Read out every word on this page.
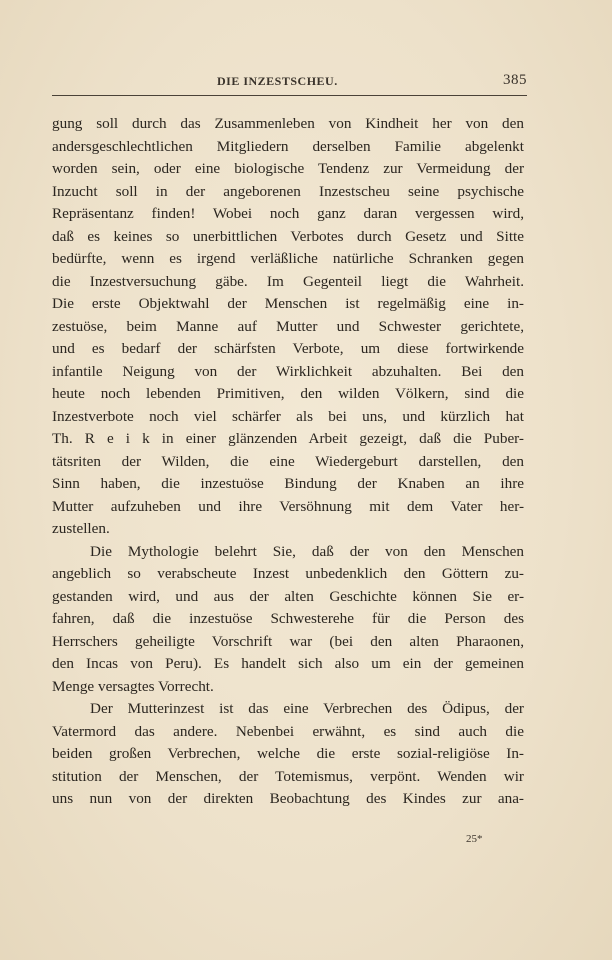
DIE INZESTSCHEU.	385
gung soll durch das Zusammenleben von Kindheit her von den
andersgeschlechtlichen Mitgliedern derselben Familie abgelenkt
worden sein, oder eine biologische Tendenz zur Vermeidung der
Inzucht soll in der angeborenen Inzestscheu seine psychische
Repräsentanz finden! Wobei noch ganz daran vergessen wird,
daß es keines so unerbittlichen Verbotes durch Gesetz und Sitte
bedürfte, wenn es irgend verläßliche natürliche Schranken gegen
die Inzestversuchung gäbe. Im Gegenteil liegt die Wahrheit.
Die erste Objektwahl der Menschen ist regelmäßig eine in-
zestuöse, beim Manne auf Mutter und Schwester gerichtete,
und es bedarf der schärfsten Verbote, um diese fortwirkende
infantile Neigung von der Wirklichkeit abzuhalten. Bei den
heute noch lebenden Primitiven, den wilden Völkern, sind die
Inzestverbote noch viel schärfer als bei uns, und kürzlich hat
Th. R e i k in einer glänzenden Arbeit gezeigt, daß die Puber-
tätsriten der Wilden, die eine Wiedergeburt darstellen, den
Sinn haben, die inzestuöse Bindung der Knaben an ihre
Mutter aufzuheben und ihre Versöhnung mit dem Vater her-
zustellen.
Die Mythologie belehrt Sie, daß der von den Menschen
angeblich so verabscheute Inzest unbedenklich den Göttern zu-
gestanden wird, und aus der alten Geschichte können Sie er-
fahren, daß die inzestuöse Schwesterehe für die Person des
Herrschers geheiligte Vorschrift war (bei den alten Pharaonen,
den Incas von Peru). Es handelt sich also um ein der gemeinen
Menge versagtes Vorrecht.
Der Mutterinzest ist das eine Verbrechen des Ödipus, der
Vatermord das andere. Nebenbei erwähnt, es sind auch die
beiden großen Verbrechen, welche die erste sozial-religiöse In-
stitution der Menschen, der Totemismus, verpönt. Wenden wir
uns nun von der direkten Beobachtung des Kindes zur ana-
25*
